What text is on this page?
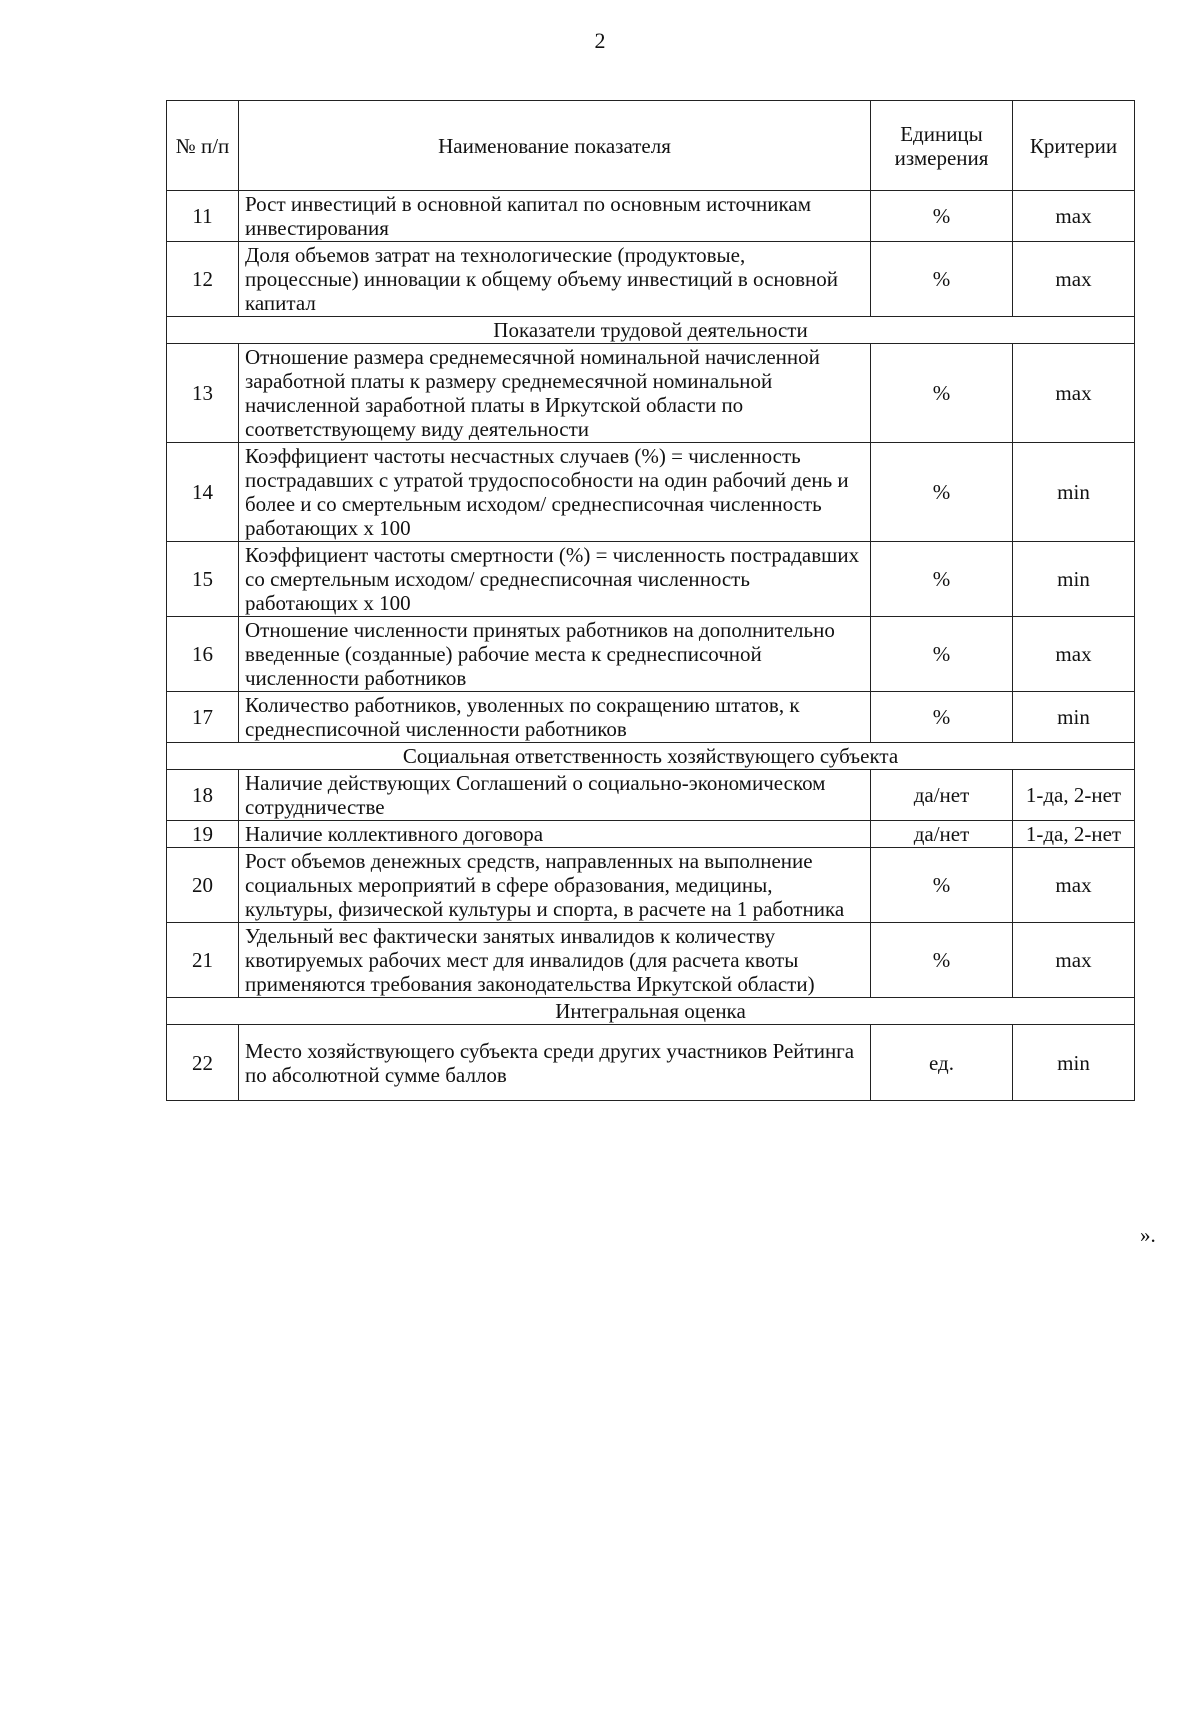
2
№ п/п	Наименование показателя	Единицы измерения	Критерии
11	Рост инвестиций в основной капитал по основным источникам инвестирования	%	max
12	Доля объемов затрат на технологические (продуктовые, процессные) инновации к общему объему инвестиций в основной капитал	%	max
Показатели трудовой деятельности			
13	Отношение размера среднемесячной номинальной начисленной заработной платы к размеру среднемесячной номинальной начисленной заработной платы в Иркутской области по соответствующему виду деятельности	%	max
14	Коэффициент частоты несчастных случаев (%) = численность пострадавших с утратой трудоспособности на один рабочий день и более и со смертельным исходом/ среднесписочная численность работающих х 100	%	min
15	Коэффициент частоты смертности (%) = численность пострадавших со смертельным исходом/ среднесписочная численность работающих х 100	%	min
16	Отношение численности принятых работников на дополнительно введенные (созданные) рабочие места к среднесписочной численности работников	%	max
17	Количество работников, уволенных по сокращению штатов, к среднесписочной численности работников	%	min
Социальная ответственность хозяйствующего субъекта			
18	Наличие действующих Соглашений о социально-экономическом сотрудничестве	да/нет	1-да, 2-нет
19	Наличие коллективного договора	да/нет	1-да, 2-нет
20	Рост объемов денежных средств, направленных на выполнение социальных мероприятий в сфере образования, медицины, культуры, физической культуры и спорта, в расчете на 1 работника	%	max
21	Удельный вес фактически занятых инвалидов к количеству квотируемых рабочих мест для инвалидов (для расчета квоты применяются требования законодательства Иркутской области)	%	max
Интегральная оценка			
22	Место хозяйствующего субъекта среди других участников Рейтинга по абсолютной сумме баллов	ед.	min
».
